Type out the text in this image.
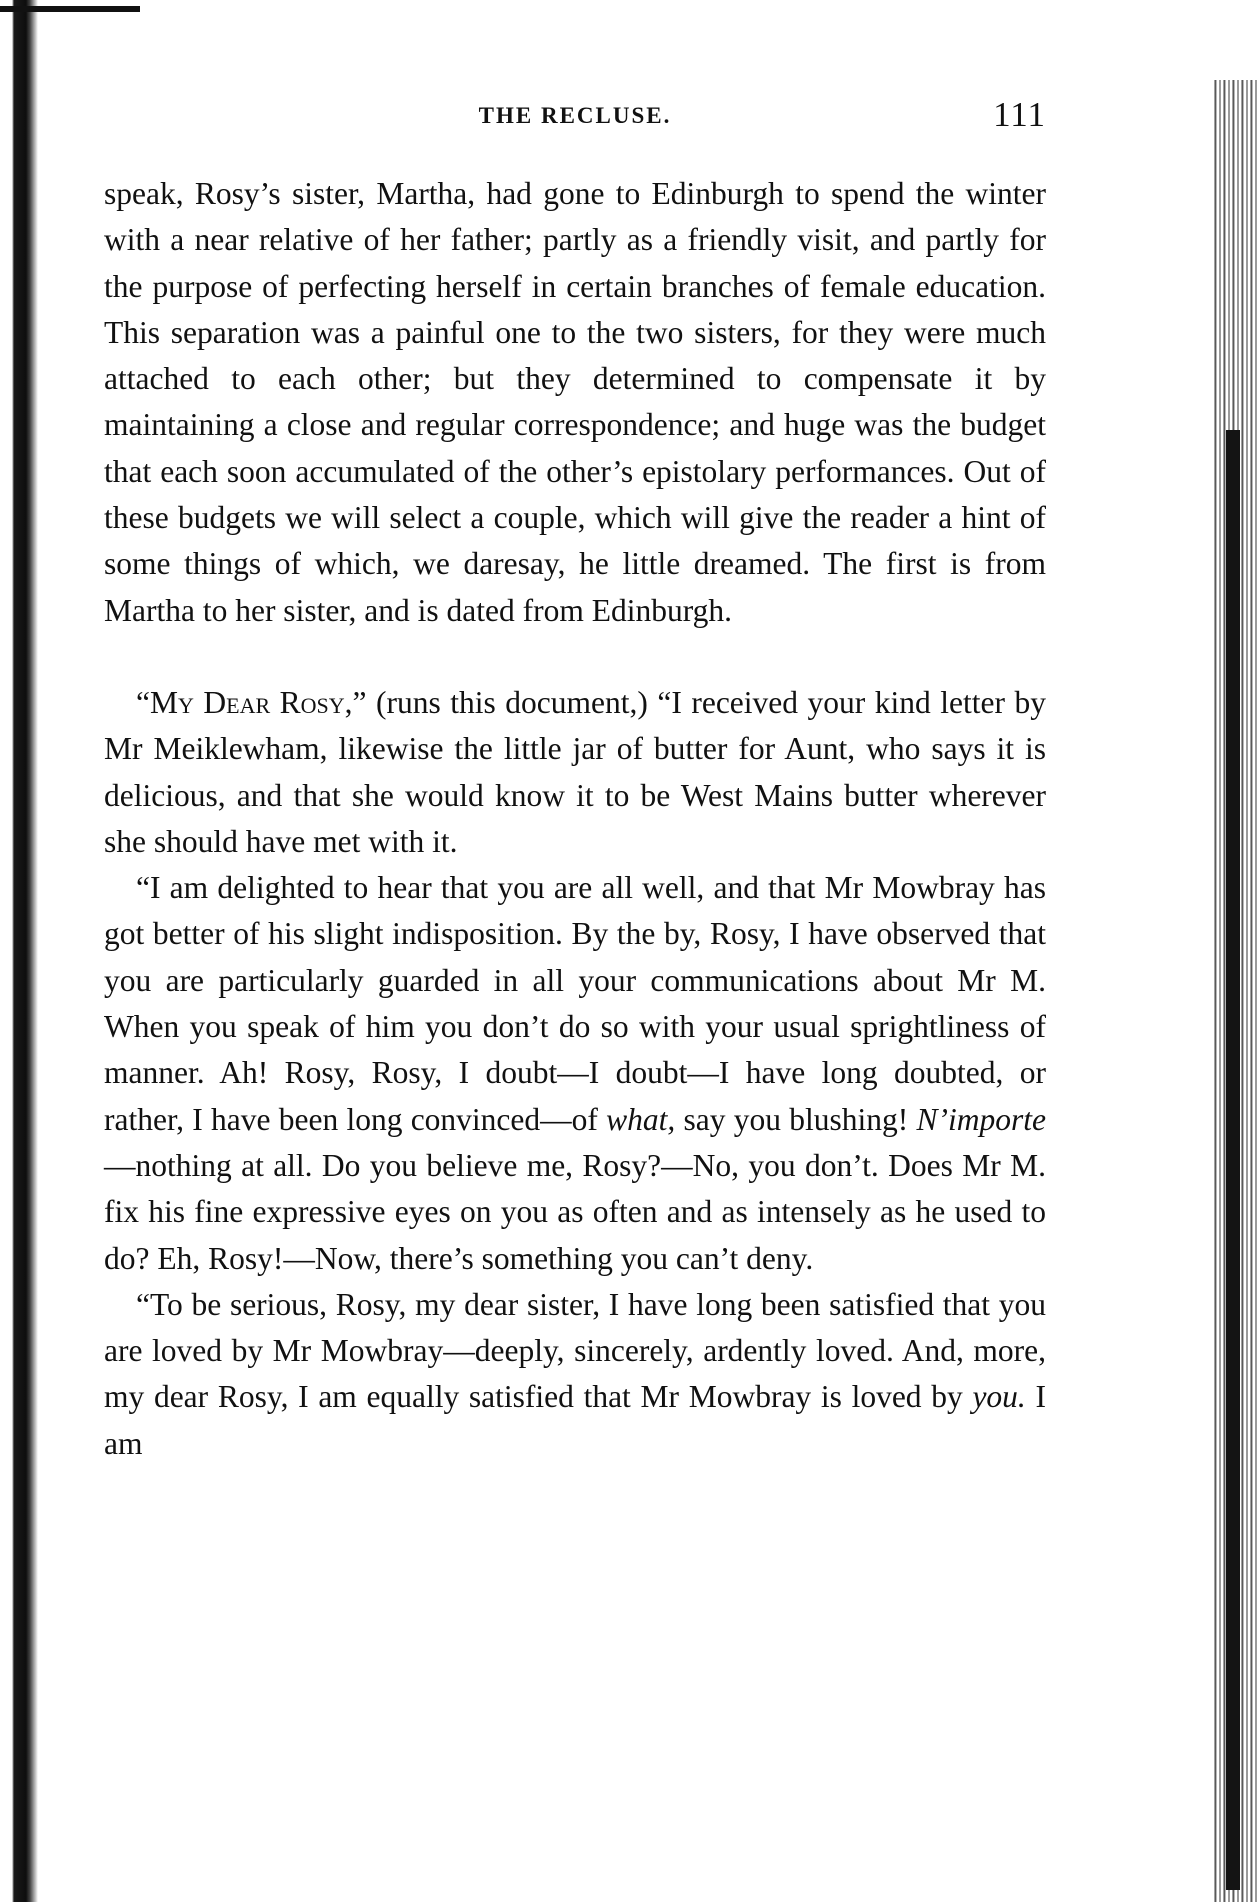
THE RECLUSE.	111

speak, Rosy’s sister, Martha, had gone to Edinburgh to spend the winter with a near relative of her father; partly as a friendly visit, and partly for the purpose of perfecting herself in certain branches of female education. This separation was a painful one to the two sisters, for they were much attached to each other; but they determined to compensate it by maintaining a close and regular correspondence; and huge was the budget that each soon accumulated of the other’s epistolary performances. Out of these budgets we will select a couple, which will give the reader a hint of some things of which, we daresay, he little dreamed. The first is from Martha to her sister, and is dated from Edinburgh.

“My Dear Rosy,” (runs this document,) “I received your kind letter by Mr Meiklewham, likewise the little jar of butter for Aunt, who says it is delicious, and that she would know it to be West Mains butter wherever she should have met with it.

“I am delighted to hear that you are all well, and that Mr Mowbray has got better of his slight indisposition. By the by, Rosy, I have observed that you are particularly guarded in all your communications about Mr M. When you speak of him you don’t do so with your usual sprightliness of manner. Ah! Rosy, Rosy, I doubt—I doubt—I have long doubted, or rather, I have been long convinced—of what, say you blushing! N’importe—nothing at all. Do you believe me, Rosy?—No, you don’t. Does Mr M. fix his fine expressive eyes on you as often and as intensely as he used to do? Eh, Rosy!—Now, there’s something you can’t deny.

“To be serious, Rosy, my dear sister, I have long been satisfied that you are loved by Mr Mowbray—deeply, sincerely, ardently loved. And, more, my dear Rosy, I am equally satisfied that Mr Mowbray is loved by you. I am
